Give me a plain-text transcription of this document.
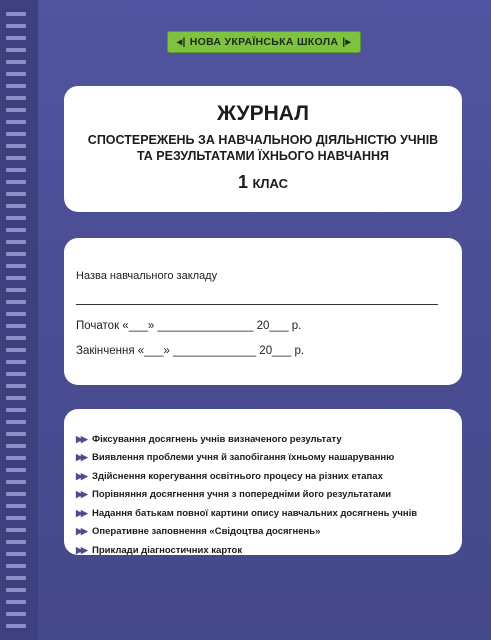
◂| НОВА УКРАЇНСЬКА ШКОЛА |▸
ЖУРНАЛ
СПОСТЕРЕЖЕНЬ ЗА НАВЧАЛЬНОЮ ДІЯЛЬНІСТЮ УЧНІВ
ТА РЕЗУЛЬТАТАМИ ЇХНЬОГО НАВЧАННЯ
1 КЛАС
Назва навчального закладу
Початок «___» _______________ 20___ р.
Закінчення «___» _____________ 20___ р.
▶▶ Фіксування досягнень учнів визначеного результату
▶▶ Виявлення проблеми учня й запобігання їхньому нашаруванню
▶▶ Здійснення корегування освітнього процесу на різних етапах
▶▶ Порівняння досягнення учня з попередніми його результатами
▶▶ Надання батькам повної картини опису навчальних досягнень учнів
▶▶ Оперативне заповнення «Свідоцтва досягнень»
▶▶ Приклади діагностичних карток
